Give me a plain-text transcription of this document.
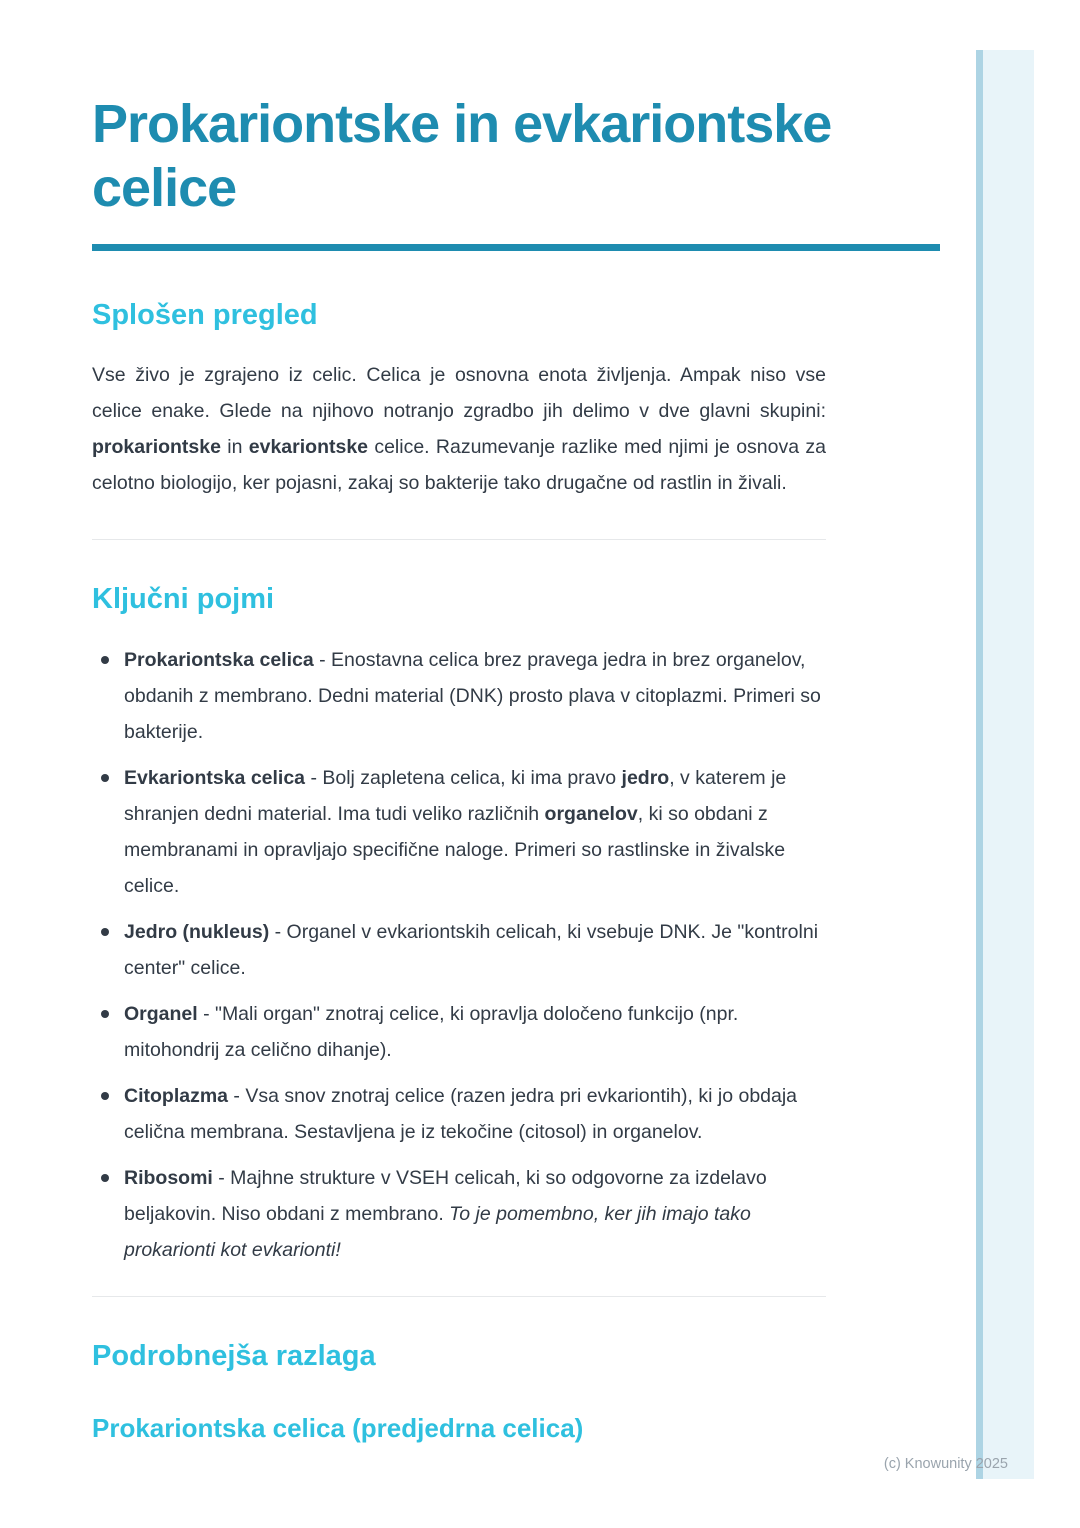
Prokariontske in evkariontske celice
Splošen pregled

Vse živo je zgrajeno iz celic. Celica je osnovna enota življenja. Ampak niso vse celice enake. Glede na njihovo notranjo zgradbo jih delimo v dve glavni skupini: prokariontske in evkariontske celice. Razumevanje razlike med njimi je osnova za celotno biologijo, ker pojasni, zakaj so bakterije tako drugačne od rastlin in živali.

Ključni pojmi
Prokariontska celica - Enostavna celica brez pravega jedra in brez organelov, obdanih z membrano. Dedni material (DNK) prosto plava v citoplazmi. Primeri so bakterije.
Evkariontska celica - Bolj zapletena celica, ki ima pravo jedro, v katerem je shranjen dedni material. Ima tudi veliko različnih organelov, ki so obdani z membranami in opravljajo specifične naloge. Primeri so rastlinske in živalske celice.
Jedro (nukleus) - Organel v evkariontskih celicah, ki vsebuje DNK. Je "kontrolni center" celice.
Organel - "Mali organ" znotraj celice, ki opravlja določeno funkcijo (npr. mitohondrij za celično dihanje).
Citoplazma - Vsa snov znotraj celice (razen jedra pri evkariontih), ki jo obdaja celična membrana. Sestavljena je iz tekočine (citosol) in organelov.
Ribosomi - Majhne strukture v VSEH celicah, ki so odgovorne za izdelavo beljakovin. Niso obdani z membrano. To je pomembno, ker jih imajo tako prokarionti kot evkarionti!
Podrobnejša razlaga
Prokariontska celica (predjedrna celica)
(c) Knowunity 2025
